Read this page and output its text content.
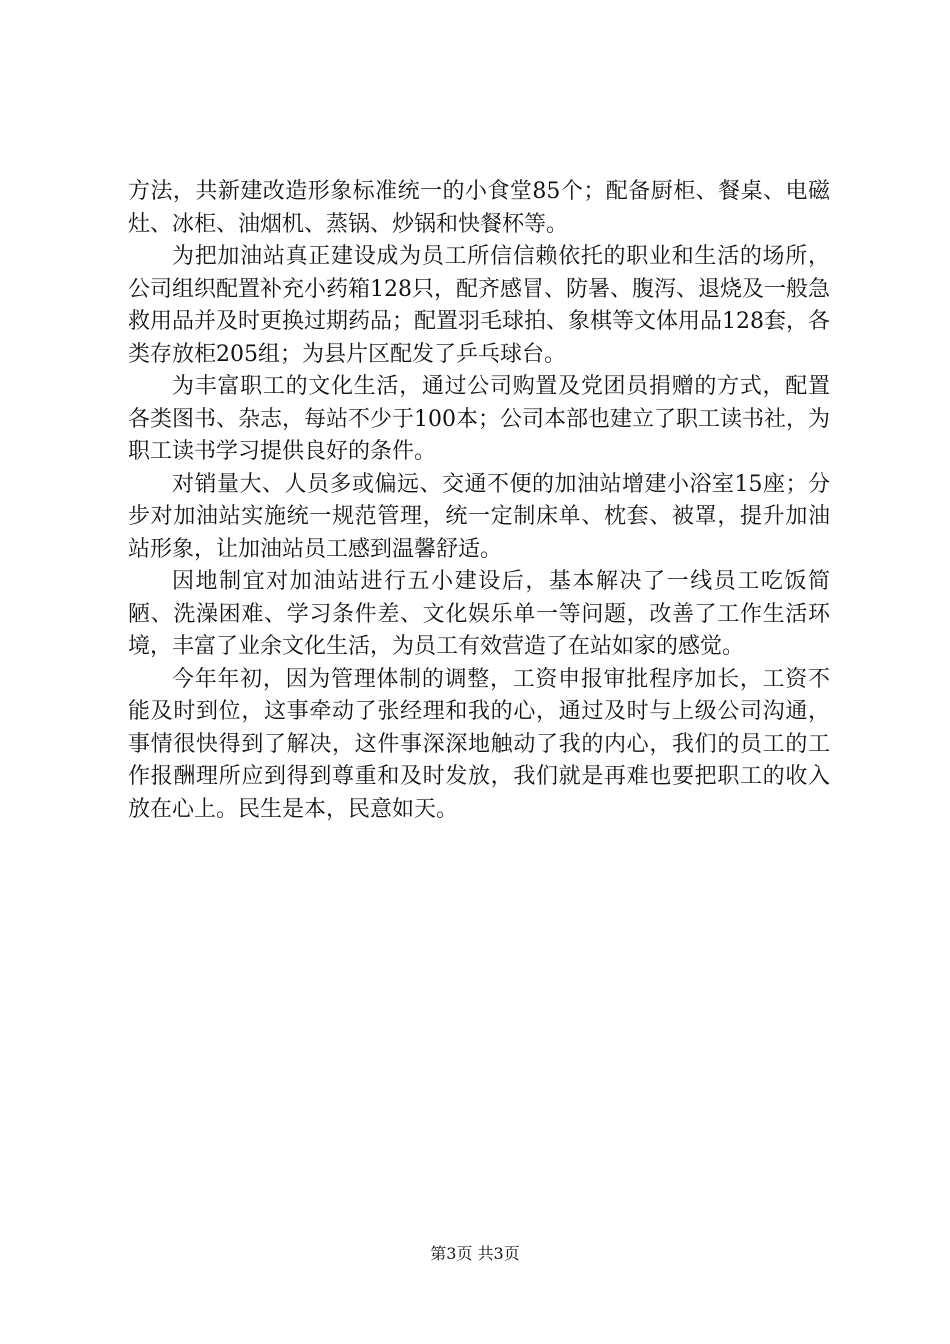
方法，共新建改造形象标准统一的小食堂85个；配备厨柜、餐桌、电磁灶、冰柜、油烟机、蒸锅、炒锅和快餐杯等。

为把加油站真正建设成为员工所信信赖依托的职业和生活的场所，公司组织配置补充小药箱128只，配齐感冒、防暑、腹泻、退烧及一般急救用品并及时更换过期药品；配置羽毛球拍、象棋等文体用品128套，各类存放柜205组；为县片区配发了乒乓球台。

为丰富职工的文化生活，通过公司购置及党团员捐赠的方式，配置各类图书、杂志，每站不少于100本；公司本部也建立了职工读书社，为职工读书学习提供良好的条件。

对销量大、人员多或偏远、交通不便的加油站增建小浴室15座；分步对加油站实施统一规范管理，统一定制床单、枕套、被罩，提升加油站形象，让加油站员工感到温馨舒适。

因地制宜对加油站进行五小建设后，基本解决了一线员工吃饭简陋、洗澡困难、学习条件差、文化娱乐单一等问题，改善了工作生活环境，丰富了业余文化生活，为员工有效营造了在站如家的感觉。

今年年初，因为管理体制的调整，工资申报审批程序加长，工资不能及时到位，这事牵动了张经理和我的心，通过及时与上级公司沟通，事情很快得到了解决，这件事深深地触动了我的内心，我们的员工的工作报酬理所应到得到尊重和及时发放，我们就是再难也要把职工的收入放在心上。民生是本，民意如天。

第3页 共3页
